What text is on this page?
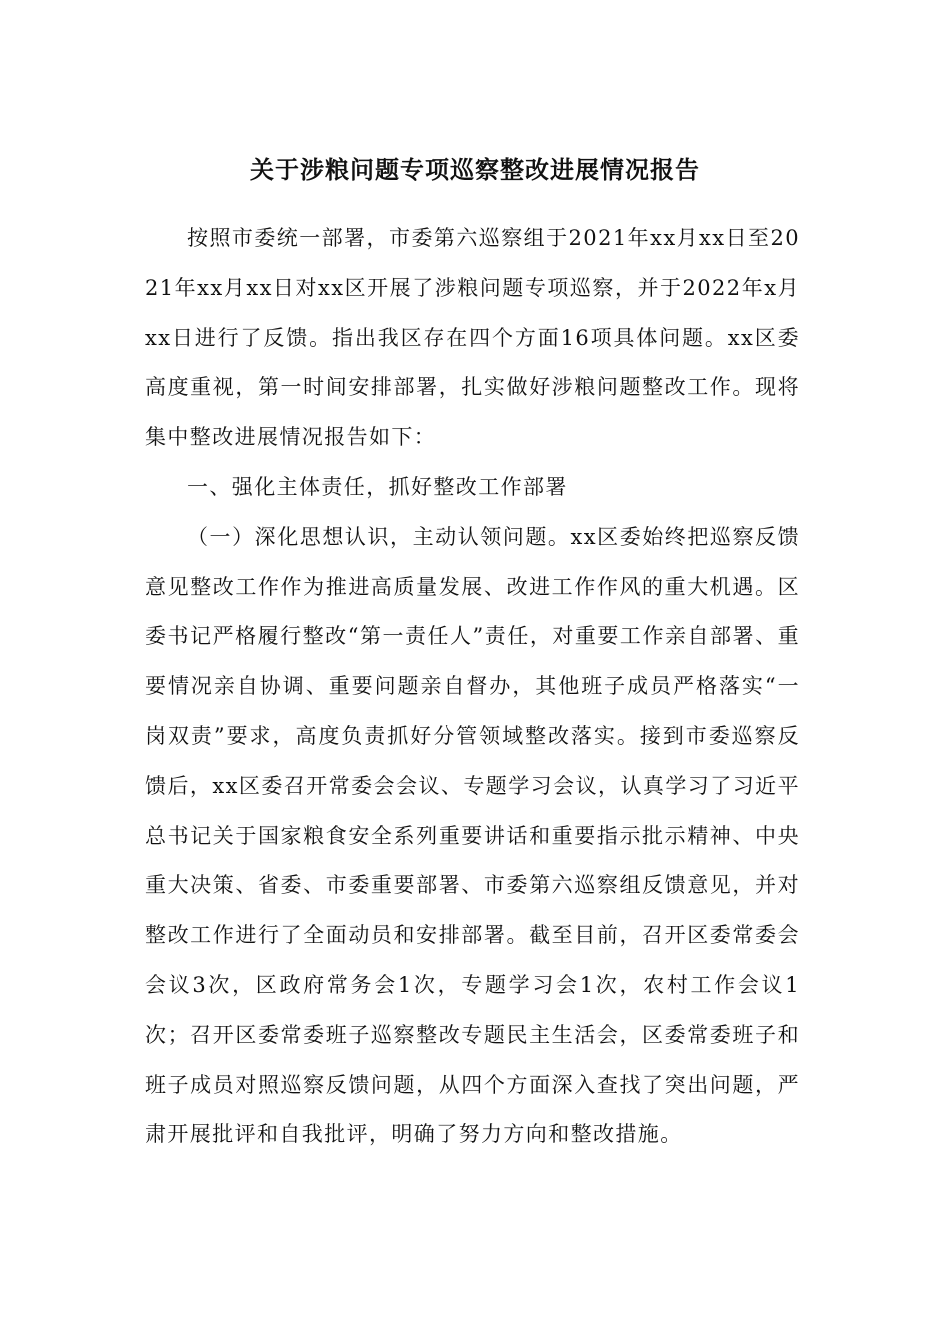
关于涉粮问题专项巡察整改进展情况报告

按照市委统一部署，市委第六巡察组于2021年xx月xx日至2021年xx月xx日对xx区开展了涉粮问题专项巡察，并于2022年x月xx日进行了反馈。指出我区存在四个方面16项具体问题。xx区委高度重视，第一时间安排部署，扎实做好涉粮问题整改工作。现将集中整改进展情况报告如下：

一、强化主体责任，抓好整改工作部署

（一）深化思想认识，主动认领问题。xx区委始终把巡察反馈意见整改工作作为推进高质量发展、改进工作作风的重大机遇。区委书记严格履行整改“第一责任人”责任，对重要工作亲自部署、重要情况亲自协调、重要问题亲自督办，其他班子成员严格落实“一岗双责”要求，高度负责抓好分管领域整改落实。接到市委巡察反馈后，xx区委召开常委会会议、专题学习会议，认真学习了习近平总书记关于国家粮食安全系列重要讲话和重要指示批示精神、中央重大决策、省委、市委重要部署、市委第六巡察组反馈意见，并对整改工作进行了全面动员和安排部署。截至目前，召开区委常委会会议3次，区政府常务会1次，专题学习会1次，农村工作会议1次；召开区委常委班子巡察整改专题民主生活会，区委常委班子和班子成员对照巡察反馈问题，从四个方面深入查找了突出问题，严肃开展批评和自我批评，明确了努力方向和整改措施。
